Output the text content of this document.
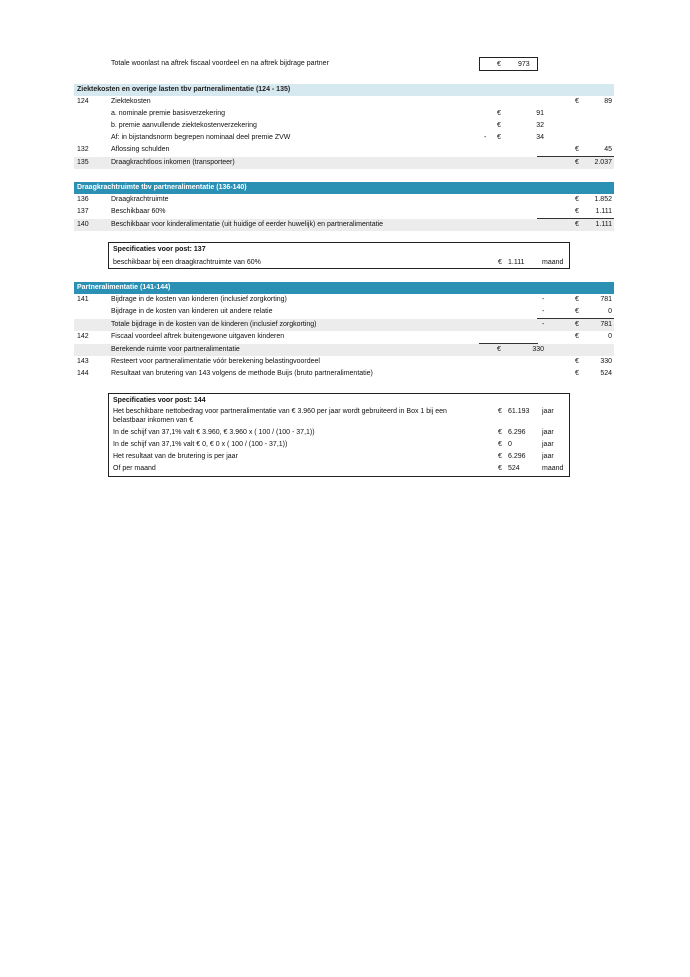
Totale woonlast na aftrek fiscaal voordeel en na aftrek bijdrage partner	€ 973
Ziektekosten en overige lasten tbv partneralimentatie (124 - 135)
124	Ziektekosten	€	89
a. nominale premie basisverzekering	€	91
b. premie aanvullende ziektekostenverzekering	€	32
Af: in bijstandsnorm begrepen nominaal deel premie ZVW	- €	34
132	Aflossing schulden	€	45
135	Draagkrachtloos inkomen (transporteer)	€	2.037
Draagkrachtruimte tbv partneralimentatie (136-140)
136	Draagkrachtruimte	€	1.852
137	Beschikbaar 60%	€	1.111
140	Beschikbaar voor kinderalimentatie (uit huidige of eerder huwelijk) en partneralimentatie	€	1.111
Specificaties voor post: 137
beschikbaar bij een draagkrachtruimte van 60%	€ 1.111	maand
Partneralimentatie (141-144)
141	Bijdrage in de kosten van kinderen (inclusief zorgkorting)	-	€	781
Bijdrage in de kosten van kinderen uit andere relatie	-	€	0
Totale bijdrage in de kosten van de kinderen (inclusief zorgkorting)	-	€	781
142	Fiscaal voordeel aftrek buitengewone uitgaven kinderen	€	0
Berekende ruimte voor partneralimentatie	€	330
143	Resteert voor partneralimentatie vóór berekening belastingvoordeel	€	330
144	Resultaat van brutering van 143 volgens de methode Buijs (bruto partneralimentatie)	€	524
Specificaties voor post: 144
Het beschikbare nettobedrag voor partneralimentatie van € 3.960 per jaar wordt gebruiteerd in Box 1 bij een
belastbaar inkomen van €
€ 61.193 jaar
In de schijf van 37,1% valt € 3.960, € 3.960 x ( 100 / (100 - 37,1))	€ 6.296 jaar
In de schijf van 37,1% valt € 0, € 0 x ( 100 / (100 - 37,1))	€ 0	jaar
Het resultaat van de brutering is per jaar	€ 6.296 jaar
Of per maand	€ 524	maand
